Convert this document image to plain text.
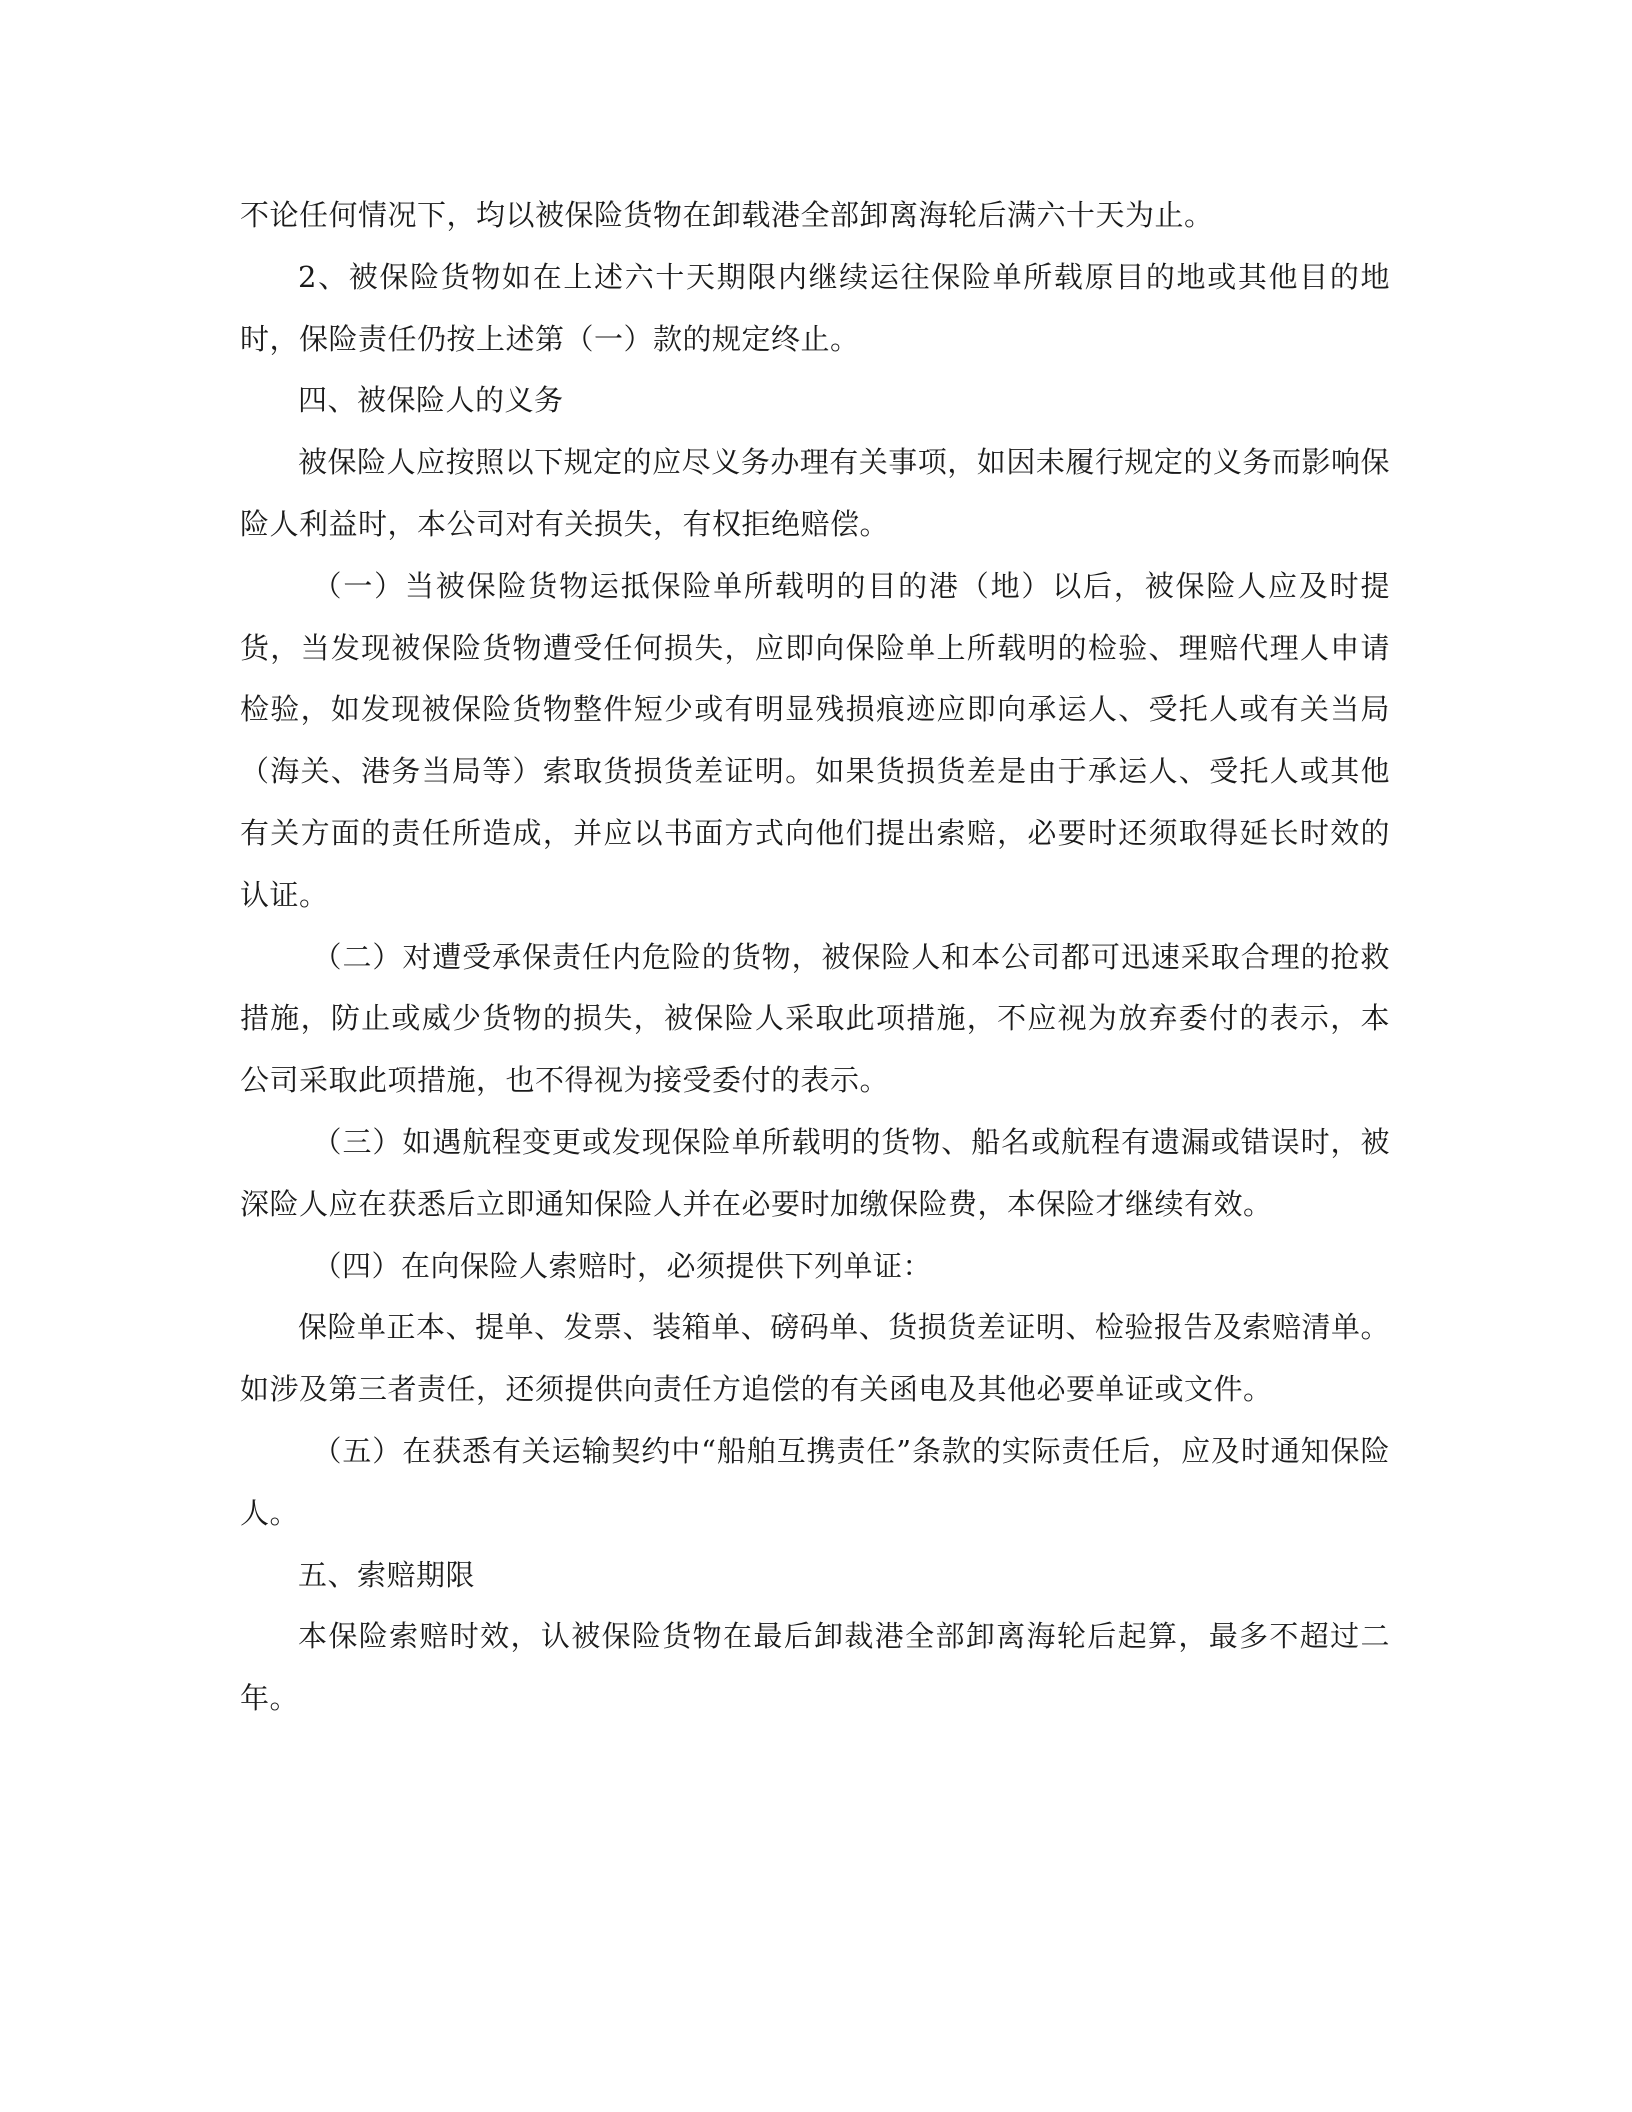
不论任何情况下，均以被保险货物在卸载港全部卸离海轮后满六十天为止。

2、被保险货物如在上述六十天期限内继续运往保险单所载原目的地或其他目的地时，保险责任仍按上述第（一）款的规定终止。

四、被保险人的义务

被保险人应按照以下规定的应尽义务办理有关事项，如因未履行规定的义务而影响保险人利益时，本公司对有关损失，有权拒绝赔偿。

（一）当被保险货物运抵保险单所载明的目的港（地）以后，被保险人应及时提货，当发现被保险货物遭受任何损失，应即向保险单上所载明的检验、理赔代理人申请检验，如发现被保险货物整件短少或有明显残损痕迹应即向承运人、受托人或有关当局（海关、港务当局等）索取货损货差证明。如果货损货差是由于承运人、受托人或其他有关方面的责任所造成，并应以书面方式向他们提出索赔，必要时还须取得延长时效的认证。

（二）对遭受承保责任内危险的货物，被保险人和本公司都可迅速采取合理的抢救措施，防止或威少货物的损失，被保险人采取此项措施，不应视为放弃委付的表示，本公司采取此项措施，也不得视为接受委付的表示。

（三）如遇航程变更或发现保险单所载明的货物、船名或航程有遗漏或错误时，被深险人应在获悉后立即通知保险人并在必要时加缴保险费，本保险才继续有效。

（四）在向保险人索赔时，必须提供下列单证：

保险单正本、提单、发票、装箱单、磅码单、货损货差证明、检验报告及索赔清单。如涉及第三者责任，还须提供向责任方追偿的有关函电及其他必要单证或文件。

（五）在获悉有关运输契约中“船舶互携责任”条款的实际责任后，应及时通知保险人。

五、索赔期限

本保险索赔时效，认被保险货物在最后卸裁港全部卸离海轮后起算，最多不超过二年。
